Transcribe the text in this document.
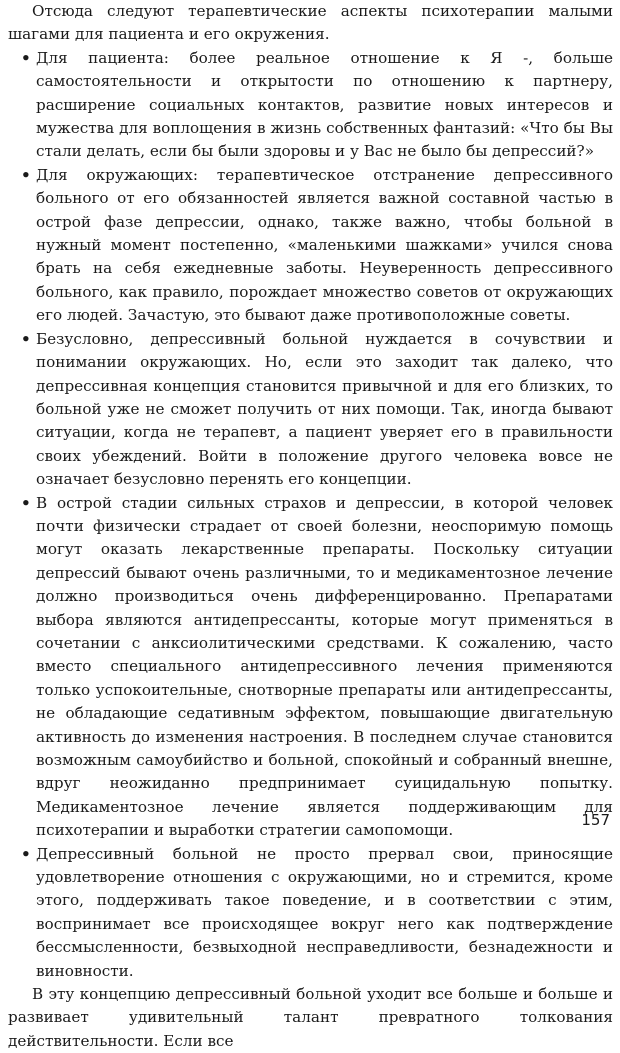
Отсюда следуют терапевтические аспекты психотерапии малыми шагами для пациента и его окружения.

• Для пациента: более реальное отношение к Я -, больше самостоятельности и открытости по отношению к партнеру, расширение социальных контактов, развитие новых интересов и мужества для воплощения в жизнь собственных фантазий: «Что бы Вы стали делать, если бы были здоровы и у Вас не было бы депрессий?»
• Для окружающих: терапевтическое отстранение депрессивного больного от его обязанностей является важной составной частью в острой фазе депрессии, однако, также важно, чтобы больной в нужный момент постепенно, «маленькими шажками» учился снова брать на себя ежедневные заботы. Неуверенность депрессивного больного, как правило, порождает множество советов от окружающих его людей. Зачастую, это бывают даже противоположные советы.
• Безусловно, депрессивный больной нуждается в сочувствии и понимании окружающих. Но, если это заходит так далеко, что депрессивная концепция становится привычной и для его близких, то больной уже не сможет получить от них помощи. Так, иногда бывают ситуации, когда не терапевт, а пациент уверяет его в правильности своих убеждений. Войти в положение другого человека вовсе не означает безусловно перенять его концепции.
• В острой стадии сильных страхов и депрессии, в которой человек почти физически страдает от своей болезни, неоспоримую помощь могут оказать лекарственные препараты. Поскольку ситуации депрессий бывают очень различными, то и медикаментозное лечение должно производиться очень дифференцированно. Препаратами выбора являются антидепрессанты, которые могут применяться в сочетании с анксиолитическими средствами. К сожалению, часто вместо специального антидепрессивного лечения применяются только успокоительные, снотворные препараты или антидепрессанты, не обладающие седативным эффектом, повышающие двигательную активность до изменения настроения. В последнем случае становится возможным самоубийство и больной, спокойный и собранный внешне, вдруг неожиданно предпринимает суицидальную попытку. Медикаментозное лечение является поддерживающим для психотерапии и выработки стратегии самопомощи.
• Депрессивный больной не просто прервал свои, приносящие удовлетворение отношения с окружающими, но и стремится, кроме этого, поддерживать такое поведение, и в соответствии с этим, воспринимает все происходящее вокруг него как подтверждение бессмысленности, безвыходной несправедливости, безнадежности и виновности.

В эту концепцию депрессивный больной уходит все больше и больше и развивает удивительный талант превратного толкования действительности. Если все

157
